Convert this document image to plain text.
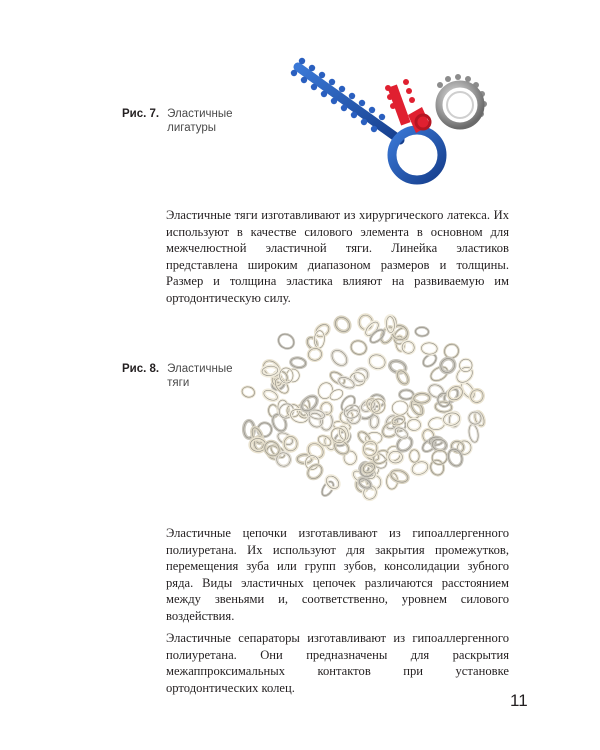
Рис. 7. Эластичные
лигатуры
Эластичные тяги изготавливают из хирургического латекса. Их используют в качестве силового элемента в основном для межчелюстной эластичной тяги. Линейка эластиков представлена широким диапазоном размеров и толщины. Размер и толщина эластика влияют на развиваемую им ортодонтическую силу.
Рис. 8. Эластичные
тяги
Эластичные цепочки изготавливают из гипоаллергенного полиуретана. Их используют для закрытия промежутков, перемещения зуба или групп зубов, консолидации зубного ряда. Виды эластичных цепочек различаются расстоянием между звеньями и, соответственно, уровнем силового воздействия.
Эластичные сепараторы изготавливают из гипоаллергенного полиуретана. Они предназначены для раскрытия межаппроксимальных контактов при установке ортодонтических колец.
11
